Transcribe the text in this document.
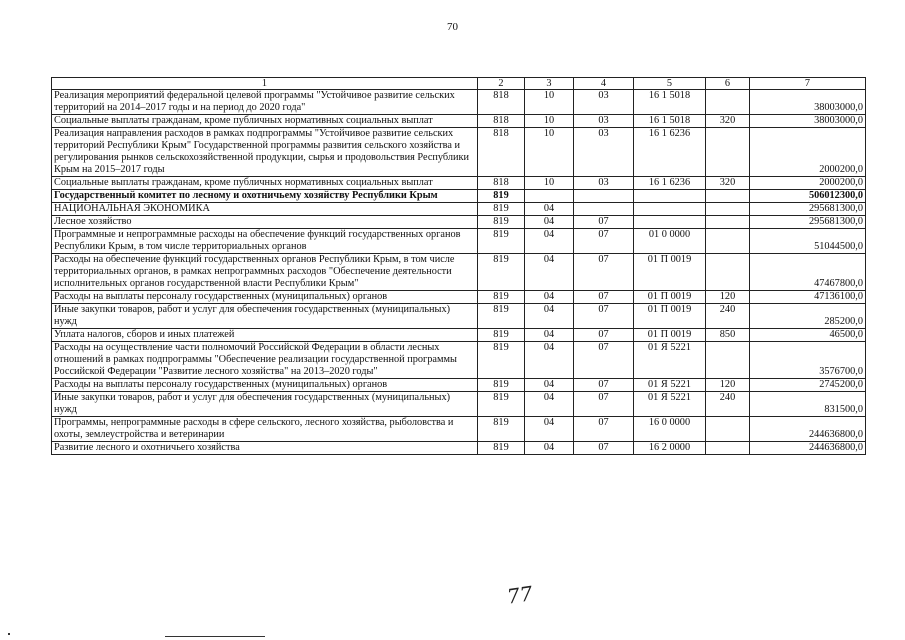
70
1	2	3	4	5	6	7
Реализация мероприятий федеральной целевой программы "Устойчивое развитие сельских территорий на 2014–2017 годы и на период до 2020 года"	818	10	03	16 1 5018		38003000,0
Социальные выплаты гражданам, кроме публичных нормативных социальных выплат	818	10	03	16 1 5018	320	38003000,0
Реализация направления расходов в рамках подпрограммы "Устойчивое развитие сельских территорий Республики Крым" Государственной программы развития сельского хозяйства и регулирования рынков сельскохозяйственной продукции, сырья и продовольствия Республики Крым на 2015–2017 годы	818	10	03	16 1 6236		2000200,0
Социальные выплаты гражданам, кроме публичных нормативных социальных выплат	818	10	03	16 1 6236	320	2000200,0
Государственный комитет по лесному и охотничьему хозяйству Республики Крым	819					506012300,0
НАЦИОНАЛЬНАЯ ЭКОНОМИКА	819	04				295681300,0
Лесное хозяйство	819	04	07			295681300,0
Программные и непрограммные расходы на обеспечение функций государственных органов Республики Крым, в том числе территориальных органов	819	04	07	01 0 0000		51044500,0
Расходы на обеспечение функций государственных органов Республики Крым, в том числе территориальных органов, в рамках непрограммных расходов "Обеспечение деятельности исполнительных органов государственной власти Республики Крым"	819	04	07	01 П 0019		47467800,0
Расходы на выплаты персоналу государственных (муниципальных) органов	819	04	07	01 П 0019	120	47136100,0
Иные закупки товаров, работ и услуг для обеспечения государственных (муниципальных) нужд	819	04	07	01 П 0019	240	285200,0
Уплата налогов, сборов и иных платежей	819	04	07	01 П 0019	850	46500,0
Расходы на осуществление части полномочий Российской Федерации в области лесных отношений в рамках подпрограммы "Обеспечение реализации государственной программы Российской Федерации "Развитие лесного хозяйства" на 2013–2020 годы"	819	04	07	01 Я 5221		3576700,0
Расходы на выплаты персоналу государственных (муниципальных) органов	819	04	07	01 Я 5221	120	2745200,0
Иные закупки товаров, работ и услуг для обеспечения государственных (муниципальных) нужд	819	04	07	01 Я 5221	240	831500,0
Программы, непрограммные расходы в сфере сельского, лесного хозяйства, рыболовства и охоты, землеустройства и ветеринарии	819	04	07	16 0 0000		244636800,0
Развитие лесного и охотничьего хозяйства	819	04	07	16 2 0000		244636800,0
77
